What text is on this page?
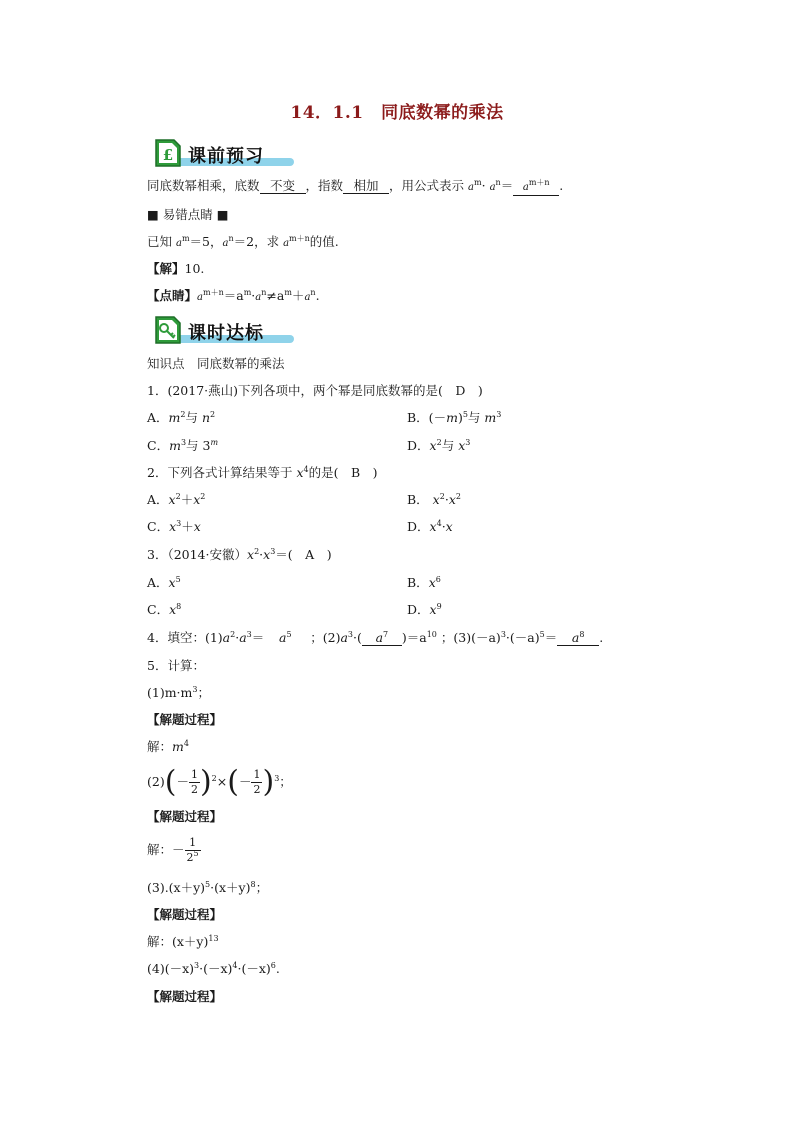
14．1.1　同底数幂的乘法
£ 课前预习
同底数幂相乘，底数 不变 ，指数 相加 ，用公式表示 $a^m\cdot a^n= a^{m+n}$ .
■ 易错点睛 ■
已知 $a^m=5$，$a^n=2$，求 $a^{m+n}$的值.
【解】10.
【点睛】$a^{m+n}=a^m\cdot a^n\ne a^m+a^n$.
课时达标
知识点　同底数幂的乘法
1．(2017·燕山)下列各项中，两个幂是同底数幂的是(　D　)
A．$m^2$与 $n^2$	B．$(-m)^5$与 $m^3$
C．$m^3$与 3$^m$	D．$x^2$与 $x^3$
2．下列各式计算结果等于 $x^4$的是(　B　)
A．$x^2+x^2$	B． $x^2\cdot x^2$
C．$x^3+x$	D．$x^4\cdot x$
3．（2014·安徽）$x^2\cdot x^3=$(　A　)
A．$x^5$	B．$x^6$
C．$x^8$	D．$x^9$
4．填空：$(1)a^2\cdot a^3= a^5$ ；$(2)a^3\cdot$( $a^7$ )$=a^{10}$ ；$(3)(-a)^3\cdot(-a)^5= a^8$ .
5．计算：
$(1)m\cdot m^3$；
【解题过程】
解：$m^4$
$(2)(- \frac{1}{2} )^2\times(- \frac{1}{2} )^3$；
【解题过程】
解：－ $\frac{1}{2^5}$
$(3).(x+y)^5\cdot(x+y)^8$；
【解题过程】
解：$(x+y)^{13}$
$(4)(-x)^3\cdot(-x)^4\cdot(-x)^6$.
【解题过程】
